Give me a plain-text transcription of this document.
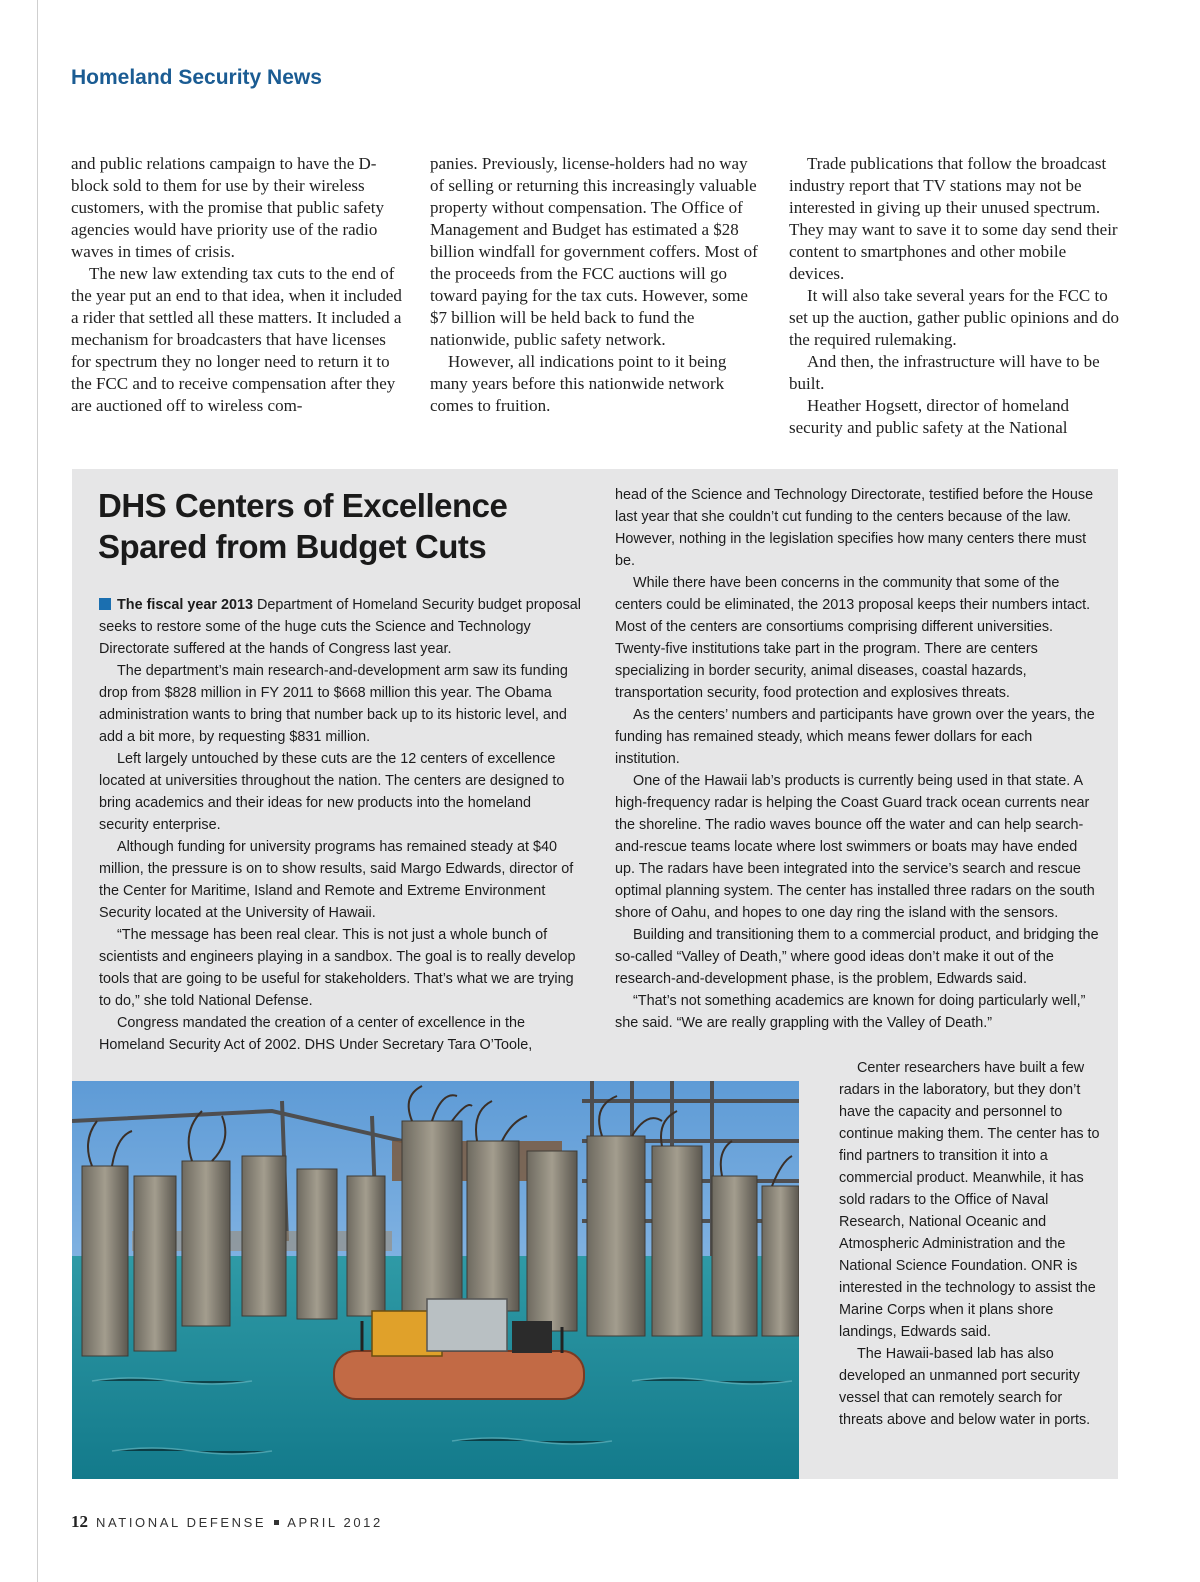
Homeland Security News

and public relations campaign to have the D-block sold to them for use by their wireless customers, with the promise that public safety agencies would have priority use of the radio waves in times of crisis.

The new law extending tax cuts to the end of the year put an end to that idea, when it included a rider that settled all these matters. It included a mechanism for broadcasters that have licenses for spectrum they no longer need to return it to the FCC and to receive compensation after they are auctioned off to wireless com-

panies. Previously, license-holders had no way of selling or returning this increasingly valuable property without compensation. The Office of Management and Budget has estimated a $28 billion windfall for government coffers. Most of the proceeds from the FCC auctions will go toward paying for the tax cuts. However, some $7 billion will be held back to fund the nationwide, public safety network.

However, all indications point to it being many years before this nationwide network comes to fruition.

Trade publications that follow the broadcast industry report that TV stations may not be interested in giving up their unused spectrum. They may want to save it to some day send their content to smartphones and other mobile devices.

It will also take several years for the FCC to set up the auction, gather public opinions and do the required rulemaking.

And then, the infrastructure will have to be built.

Heather Hogsett, director of homeland security and public safety at the National

DHS Centers of Excellence Spared from Budget Cuts

The fiscal year 2013 Department of Homeland Security budget proposal seeks to restore some of the huge cuts the Science and Technology Directorate suffered at the hands of Congress last year.

The department’s main research-and-development arm saw its funding drop from $828 million in FY 2011 to $668 million this year. The Obama administration wants to bring that number back up to its historic level, and add a bit more, by requesting $831 million.

Left largely untouched by these cuts are the 12 centers of excellence located at universities throughout the nation. The centers are designed to bring academics and their ideas for new products into the homeland security enterprise.

Although funding for university programs has remained steady at $40 million, the pressure is on to show results, said Margo Edwards, director of the Center for Maritime, Island and Remote and Extreme Environment Security located at the University of Hawaii.

“The message has been real clear. This is not just a whole bunch of scientists and engineers playing in a sandbox. The goal is to really develop tools that are going to be useful for stakeholders. That’s what we are trying to do,” she told National Defense.

Congress mandated the creation of a center of excellence in the Homeland Security Act of 2002. DHS Under Secretary Tara O’Toole,

head of the Science and Technology Directorate, testified before the House last year that she couldn’t cut funding to the centers because of the law. However, nothing in the legislation specifies how many centers there must be.

While there have been concerns in the community that some of the centers could be eliminated, the 2013 proposal keeps their numbers intact. Most of the centers are consortiums comprising different universities. Twenty-five institutions take part in the program. There are centers specializing in border security, animal diseases, coastal hazards, transportation security, food protection and explosives threats.

As the centers’ numbers and participants have grown over the years, the funding has remained steady, which means fewer dollars for each institution.

One of the Hawaii lab’s products is currently being used in that state. A high-frequency radar is helping the Coast Guard track ocean currents near the shoreline. The radio waves bounce off the water and can help search-and-rescue teams locate where lost swimmers or boats may have ended up. The radars have been integrated into the service’s search and rescue optimal planning system. The center has installed three radars on the south shore of Oahu, and hopes to one day ring the island with the sensors.

Building and transitioning them to a commercial product, and bridging the so-called “Valley of Death,” where good ideas don’t make it out of the research-and-development phase, is the problem, Edwards said.

“That’s not something academics are known for doing particularly well,” she said. “We are really grappling with the Valley of Death.”

Center researchers have built a few radars in the laboratory, but they don’t have the capacity and personnel to continue making them. The center has to find partners to transition it into a commercial product. Meanwhile, it has sold radars to the Office of Naval Research, National Oceanic and Atmospheric Administration and the National Science Foundation. ONR is interested in the technology to assist the Marine Corps when it plans shore landings, Edwards said.

The Hawaii-based lab has also developed an unmanned port security vessel that can remotely search for threats above and below water in ports.

12 NATIONAL DEFENSE APRIL 2012
